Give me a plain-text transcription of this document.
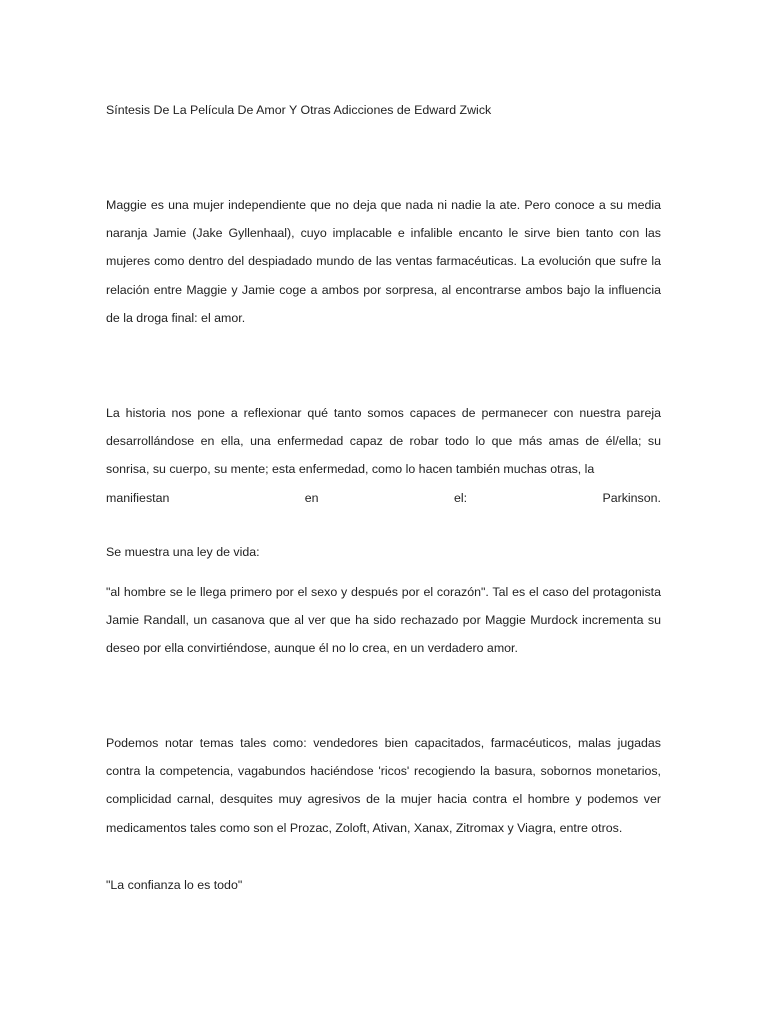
Síntesis De La Película De Amor Y Otras Adicciones de Edward Zwick

Maggie es una mujer independiente que no deja que nada ni nadie la ate. Pero conoce a su media naranja Jamie (Jake Gyllenhaal), cuyo implacable e infalible encanto le sirve bien tanto con las mujeres como dentro del despiadado mundo de las ventas farmacéuticas. La evolución que sufre la relación entre Maggie y Jamie coge a ambos por sorpresa, al encontrarse ambos bajo la influencia de la droga final: el amor.

La historia nos pone a reflexionar qué tanto somos capaces de permanecer con nuestra pareja desarrollándose en ella, una enfermedad capaz de robar todo lo que más amas de él/ella; su sonrisa, su cuerpo, su mente; esta enfermedad, como lo hacen también muchas otras, la
manifiestan	en	el:	Parkinson.

Se muestra una ley de vida:

"al hombre se le llega primero por el sexo y después por el corazón". Tal es el caso del protagonista Jamie Randall, un casanova que al ver que ha sido rechazado por Maggie Murdock incrementa su deseo por ella convirtiéndose, aunque él no lo crea, en un verdadero amor.

Podemos notar temas tales como: vendedores bien capacitados, farmacéuticos, malas jugadas contra la competencia, vagabundos haciéndose 'ricos' recogiendo la basura, sobornos monetarios, complicidad carnal, desquites muy agresivos de la mujer hacia contra el hombre y podemos ver medicamentos tales como son el Prozac, Zoloft, Ativan, Xanax, Zitromax y Viagra, entre otros.

"La confianza lo es todo"
